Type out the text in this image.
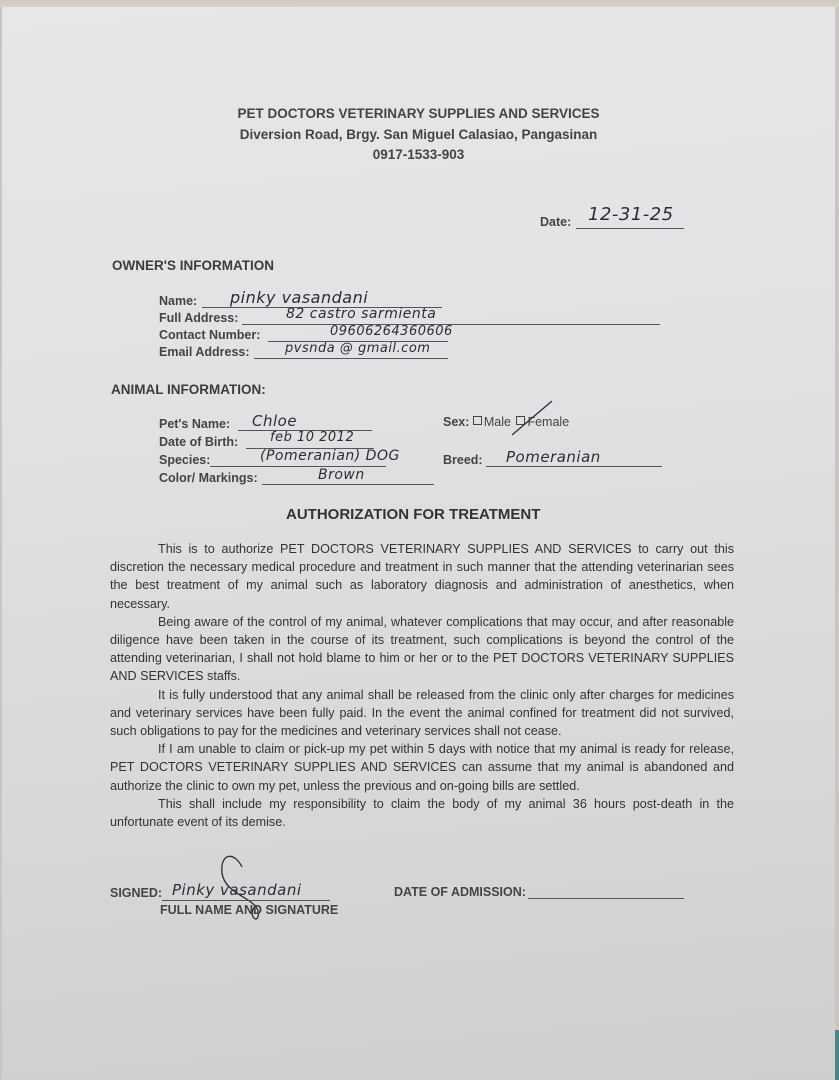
PET DOCTORS VETERINARY SUPPLIES AND SERVICES
Diversion Road, Brgy. San Miguel Calasiao, Pangasinan
0917-1533-903
Date: 12-31-25
OWNER'S INFORMATION
Name: pinky vasandani
Full Address:	82 castro sarmienta
Contact Number:	09606264360606
Email Address:	pvsnda @ gmail.com
ANIMAL INFORMATION:
Pet's Name: Chloe
Date of Birth: feb 10 2012
Species:	(Pomeranian) DOG
Color/ Markings:	Brown
Sex: Male Female
Breed: Pomeranian
AUTHORIZATION FOR TREATMENT

This is to authorize PET DOCTORS VETERINARY SUPPLIES AND SERVICES to carry out this discretion the necessary medical procedure and treatment in such manner that the attending veterinarian sees the best treatment of my animal such as laboratory diagnosis and administration of anesthetics, when necessary.

Being aware of the control of my animal, whatever complications that may occur, and after reasonable diligence have been taken in the course of its treatment, such complications is beyond the control of the attending veterinarian, I shall not hold blame to him or her or to the PET DOCTORS VETERINARY SUPPLIES AND SERVICES staffs.

It is fully understood that any animal shall be released from the clinic only after charges for medicines and veterinary services have been fully paid. In the event the animal confined for treatment did not survived, such obligations to pay for the medicines and veterinary services shall not cease.

If I am unable to claim or pick-up my pet within 5 days with notice that my animal is ready for release, PET DOCTORS VETERINARY SUPPLIES AND SERVICES can assume that my animal is abandoned and authorize the clinic to own my pet, unless the previous and on-going bills are settled.

This shall include my responsibility to claim the body of my animal 36 hours post-death in the unfortunate event of its demise.

SIGNED: Pinky vasandani
FULL NAME AND SIGNATURE
DATE OF ADMISSION:
